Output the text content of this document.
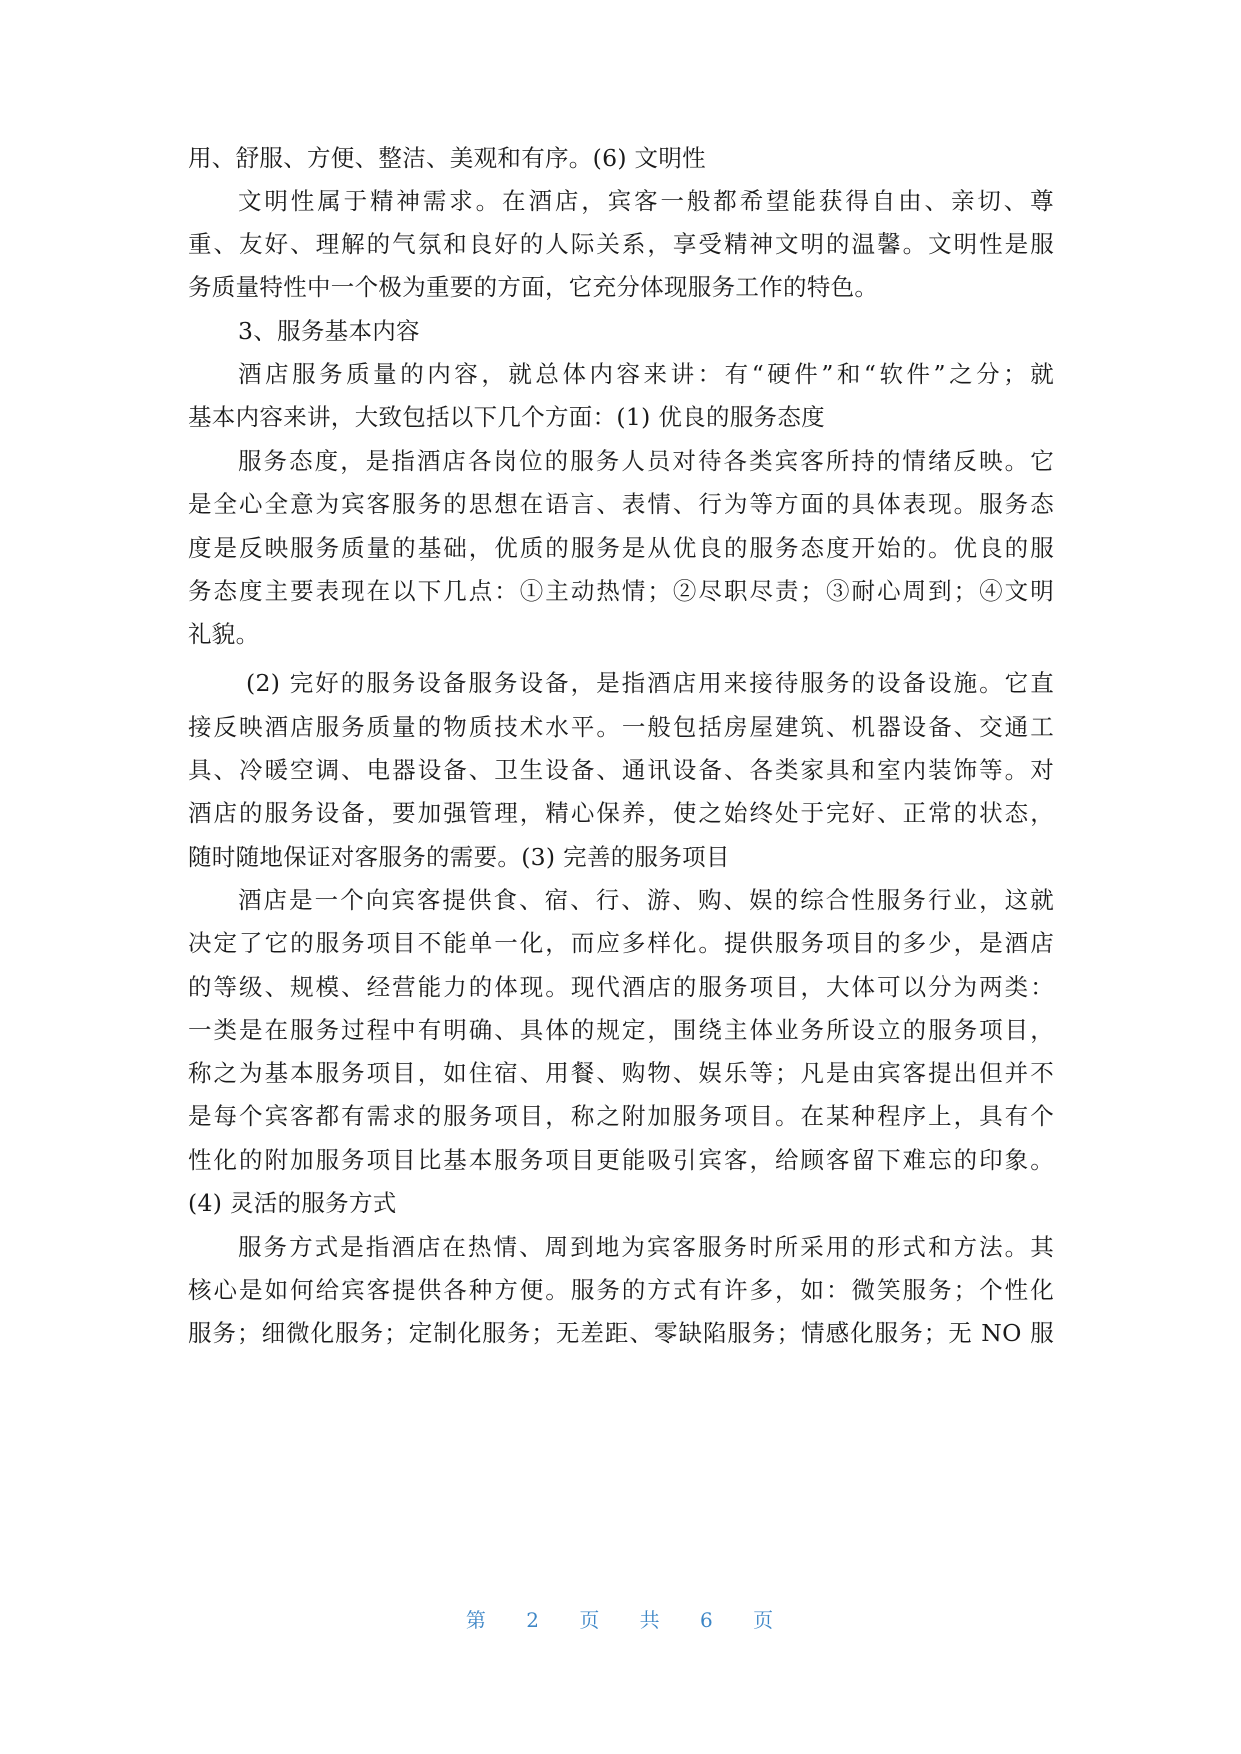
用、舒服、方便、整洁、美观和有序。(6) 文明性
文明性属于精神需求。在酒店，宾客一般都希望能获得自由、亲切、尊
重、友好、理解的气氛和良好的人际关系，享受精神文明的温馨。文明性是服
务质量特性中一个极为重要的方面，它充分体现服务工作的特色。
3、服务基本内容
酒店服务质量的内容，就总体内容来讲：有“硬件”和“软件”之分；就
基本内容来讲，大致包括以下几个方面：(1) 优良的服务态度
服务态度，是指酒店各岗位的服务人员对待各类宾客所持的情绪反映。它
是全心全意为宾客服务的思想在语言、表情、行为等方面的具体表现。服务态
度是反映服务质量的基础，优质的服务是从优良的服务态度开始的。优良的服
务态度主要表现在以下几点：①主动热情；②尽职尽责；③耐心周到；④文明
礼貌。
(2) 完好的服务设备服务设备，是指酒店用来接待服务的设备设施。它直
接反映酒店服务质量的物质技术水平。一般包括房屋建筑、机器设备、交通工
具、冷暖空调、电器设备、卫生设备、通讯设备、各类家具和室内装饰等。对
酒店的服务设备，要加强管理，精心保养，使之始终处于完好、正常的状态，
随时随地保证对客服务的需要。(3) 完善的服务项目
酒店是一个向宾客提供食、宿、行、游、购、娱的综合性服务行业，这就
决定了它的服务项目不能单一化，而应多样化。提供服务项目的多少，是酒店
的等级、规模、经营能力的体现。现代酒店的服务项目，大体可以分为两类：
一类是在服务过程中有明确、具体的规定，围绕主体业务所设立的服务项目，
称之为基本服务项目，如住宿、用餐、购物、娱乐等；凡是由宾客提出但并不
是每个宾客都有需求的服务项目，称之附加服务项目。在某种程序上，具有个
性化的附加服务项目比基本服务项目更能吸引宾客，给顾客留下难忘的印象。
(4) 灵活的服务方式
服务方式是指酒店在热情、周到地为宾客服务时所采用的形式和方法。其
核心是如何给宾客提供各种方便。服务的方式有许多，如：微笑服务；个性化
服务；细微化服务；定制化服务；无差距、零缺陷服务；情感化服务；无 NO 服
第 2 页 共 6 页
